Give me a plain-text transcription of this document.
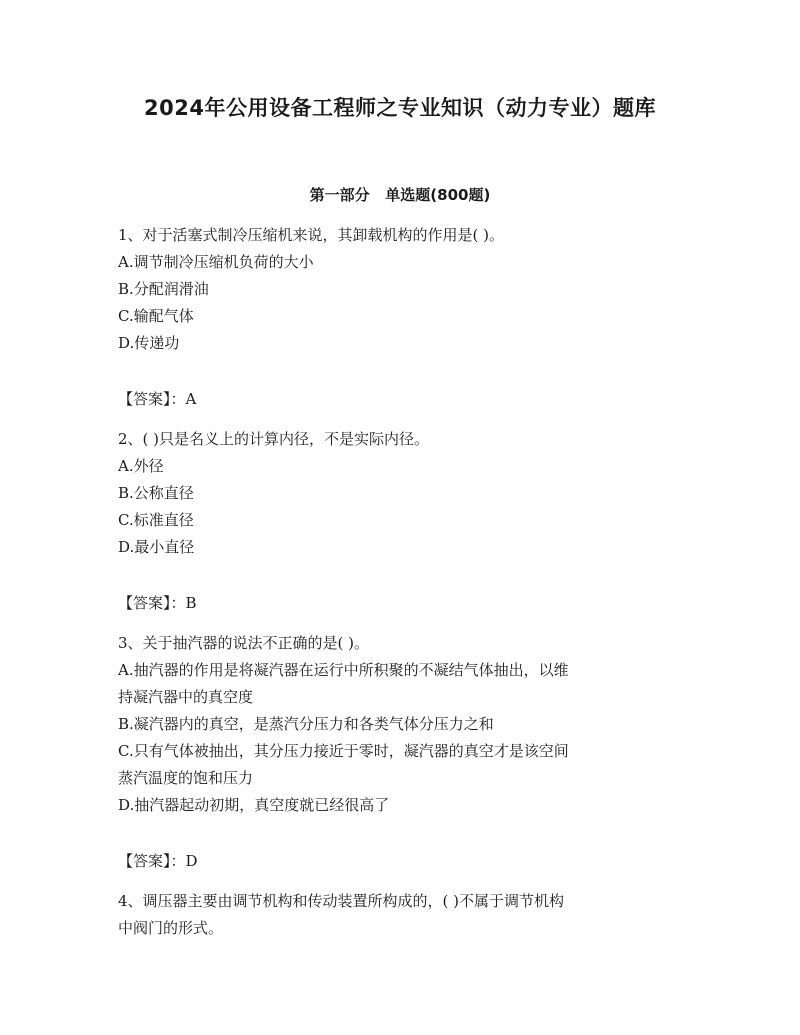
2024年公用设备工程师之专业知识（动力专业）题库
第一部分   单选题(800题)
1、对于活塞式制冷压缩机来说，其卸载机构的作用是( )。
A.调节制冷压缩机负荷的大小
B.分配润滑油
C.输配气体
D.传递功
【答案】：A
2、( )只是名义上的计算内径，不是实际内径。
A.外径
B.公称直径
C.标准直径
D.最小直径
【答案】：B
3、关于抽汽器的说法不正确的是( )。
A.抽汽器的作用是将凝汽器在运行中所积聚的不凝结气体抽出，以维
持凝汽器中的真空度
B.凝汽器内的真空，是蒸汽分压力和各类气体分压力之和
C.只有气体被抽出，其分压力接近于零时，凝汽器的真空才是该空间
蒸汽温度的饱和压力
D.抽汽器起动初期，真空度就已经很高了
【答案】：D
4、调压器主要由调节机构和传动装置所构成的，( )不属于调节机构
中阀门的形式。
